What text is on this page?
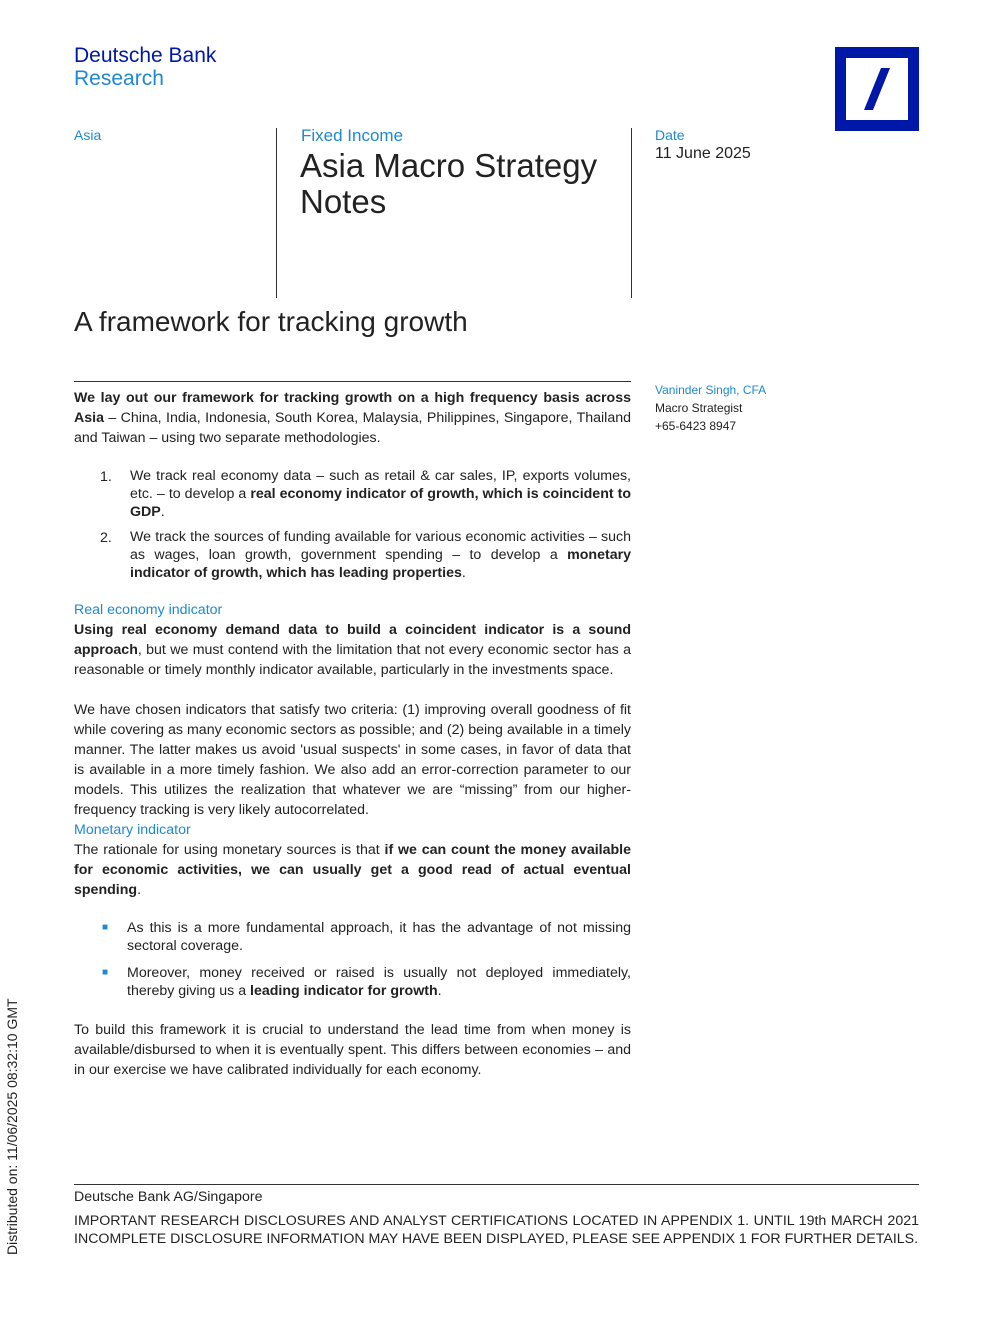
Deutsche Bank
Research
Asia	Fixed Income
Asia Macro Strategy Notes
Date
11 June 2025
A framework for tracking growth
Vaninder Singh, CFA
Macro Strategist
+65-6423 8947

We lay out our framework for tracking growth on a high frequency basis across Asia – China, India, Indonesia, South Korea, Malaysia, Philippines, Singapore, Thailand and Taiwan – using two separate methodologies.

1.	We track real economy data – such as retail & car sales, IP, exports volumes, etc. – to develop a real economy indicator of growth, which is coincident to GDP.
2.	We track the sources of funding available for various economic activities – such as wages, loan growth, government spending – to develop a monetary indicator of growth, which has leading properties.

Real economy indicator

Using real economy demand data to build a coincident indicator is a sound approach, but we must contend with the limitation that not every economic sector has a reasonable or timely monthly indicator available, particularly in the investments space.

We have chosen indicators that satisfy two criteria: (1) improving overall goodness of fit while covering as many economic sectors as possible; and (2) being available in a timely manner. The latter makes us avoid 'usual suspects' in some cases, in favor of data that is available in a more timely fashion. We also add an error-correction parameter to our models. This utilizes the realization that whatever we are “missing” from our higher-frequency tracking is very likely autocorrelated.

Monetary indicator

The rationale for using monetary sources is that if we can count the money available for economic activities, we can usually get a good read of actual eventual spending.

■	As this is a more fundamental approach, it has the advantage of not missing sectoral coverage.
■	Moreover, money received or raised is usually not deployed immediately, thereby giving us a leading indicator for growth.

To build this framework it is crucial to understand the lead time from when money is available/disbursed to when it is eventually spent. This differs between economies – and in our exercise we have calibrated individually for each economy.

Deutsche Bank AG/Singapore
IMPORTANT RESEARCH DISCLOSURES AND ANALYST CERTIFICATIONS LOCATED IN APPENDIX 1. UNTIL 19th MARCH 2021 INCOMPLETE DISCLOSURE INFORMATION MAY HAVE BEEN DISPLAYED, PLEASE SEE APPENDIX 1 FOR FURTHER DETAILS.
Distributed on: 11/06/2025 08:32:10 GMT
